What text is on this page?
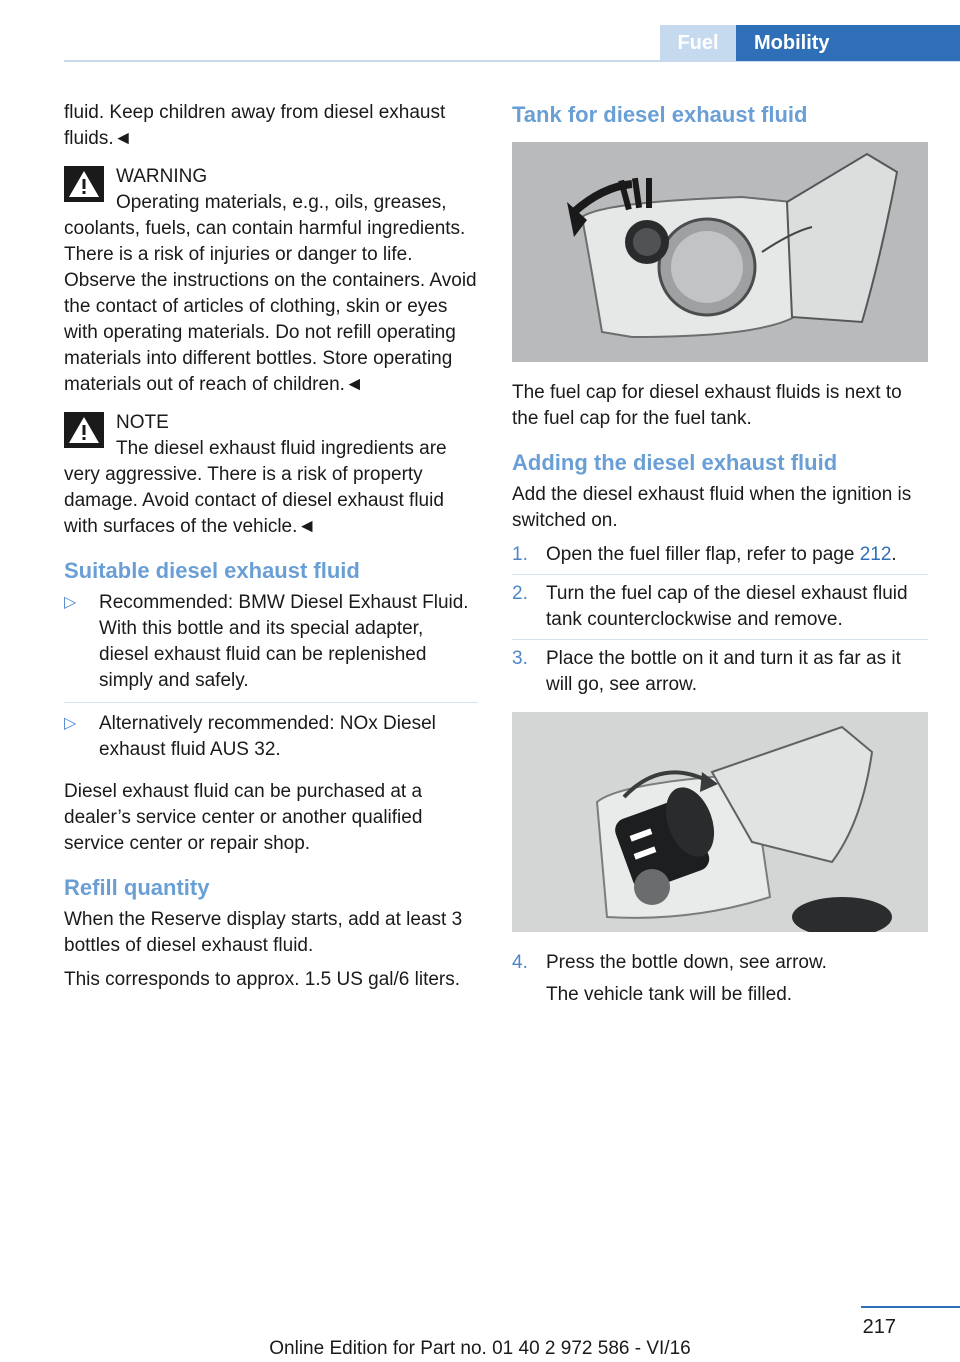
Fuel	Mobility

fluid. Keep children away from diesel exhaust fluids.◄

WARNING
Operating materials, e.g., oils, greases, coolants, fuels, can contain harmful ingredients. There is a risk of injuries or danger to life. Observe the instructions on the containers. Avoid the contact of articles of clothing, skin or eyes with operating materials. Do not refill operating materials into different bottles. Store operating materials out of reach of children.◄
NOTE
The diesel exhaust fluid ingredients are very aggressive. There is a risk of property damage. Avoid contact of diesel exhaust fluid with surfaces of the vehicle.◄
Suitable diesel exhaust fluid
▷ Recommended: BMW Diesel Exhaust Fluid. With this bottle and its special adapter, diesel exhaust fluid can be replenished simply and safely.
▷ Alternatively recommended: NOx Diesel exhaust fluid AUS 32.

Diesel exhaust fluid can be purchased at a dealer’s service center or another qualified service center or repair shop.

Refill quantity

When the Reserve display starts, add at least 3 bottles of diesel exhaust fluid.

This corresponds to approx. 1.5 US gal/6 liters.

Tank for diesel exhaust fluid

The fuel cap for diesel exhaust fluids is next to the fuel cap for the fuel tank.

Adding the diesel exhaust fluid

Add the diesel exhaust fluid when the ignition is switched on.

1. Open the fuel filler flap, refer to page 212.
2. Turn the fuel cap of the diesel exhaust fluid tank counterclockwise and remove.
3. Place the bottle on it and turn it as far as it will go, see arrow.
4. Press the bottle down, see arrow.
The vehicle tank will be filled.
217
Online Edition for Part no. 01 40 2 972 586 - VI/16
